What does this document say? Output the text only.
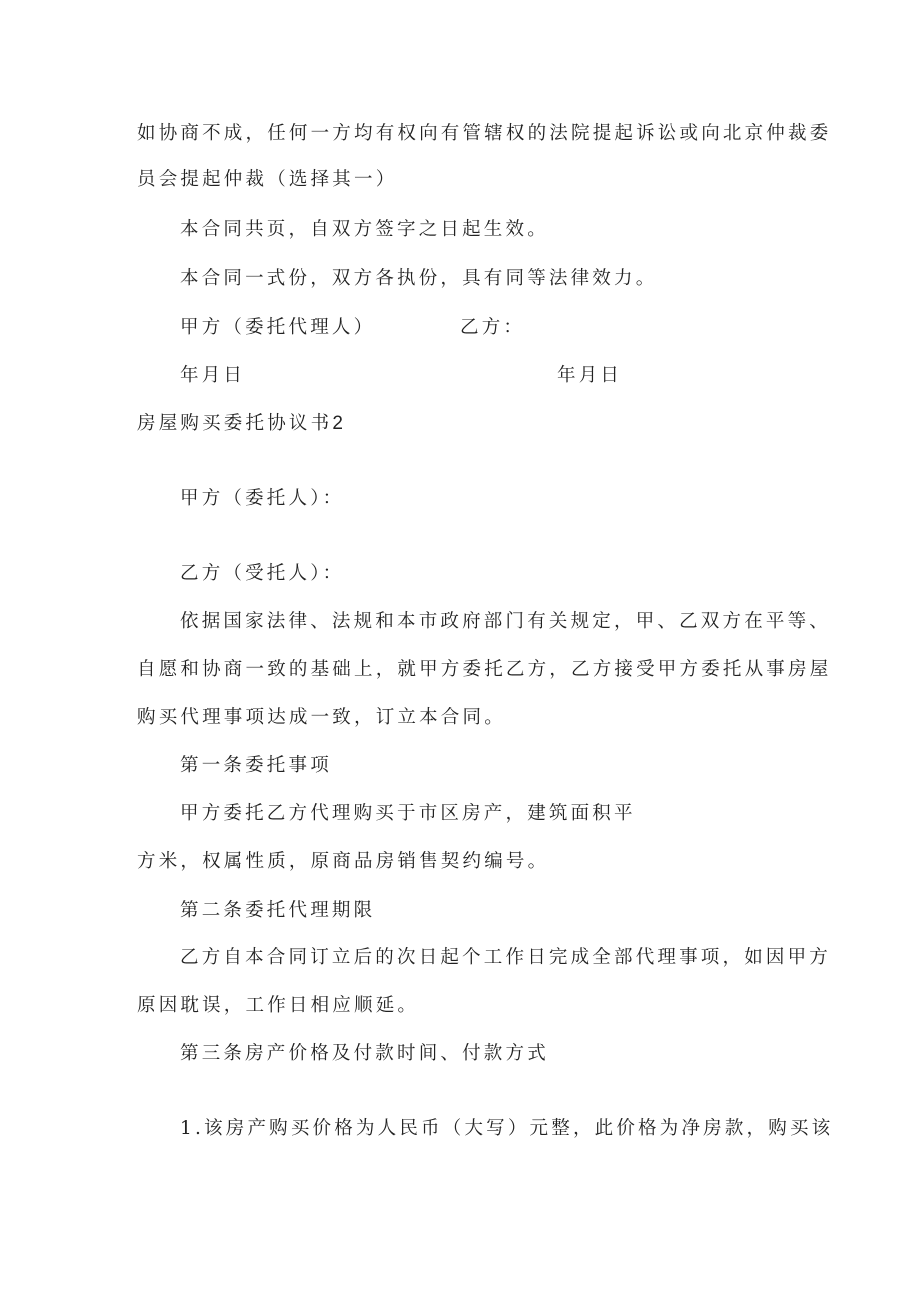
如协商不成，任何一方均有权向有管辖权的法院提起诉讼或向北京仲裁委
员会提起仲裁（选择其一）
本合同共页，自双方签字之日起生效。
本合同一式份，双方各执份，具有同等法律效力。
甲方（委托代理人）	乙方：
年月日	年月日
房屋购买委托协议书2
甲方（委托人）：
乙方（受托人）：
依据国家法律、法规和本市政府部门有关规定，甲、乙双方在平等、
自愿和协商一致的基础上，就甲方委托乙方，乙方接受甲方委托从事房屋
购买代理事项达成一致，订立本合同。
第一条委托事项
甲方委托乙方代理购买于市区房产，建筑面积平
方米，权属性质，原商品房销售契约编号。
第二条委托代理期限
乙方自本合同订立后的次日起个工作日完成全部代理事项，如因甲方
原因耽误，工作日相应顺延。
第三条房产价格及付款时间、付款方式
1.该房产购买价格为人民币（大写）元整，此价格为净房款，购买该
